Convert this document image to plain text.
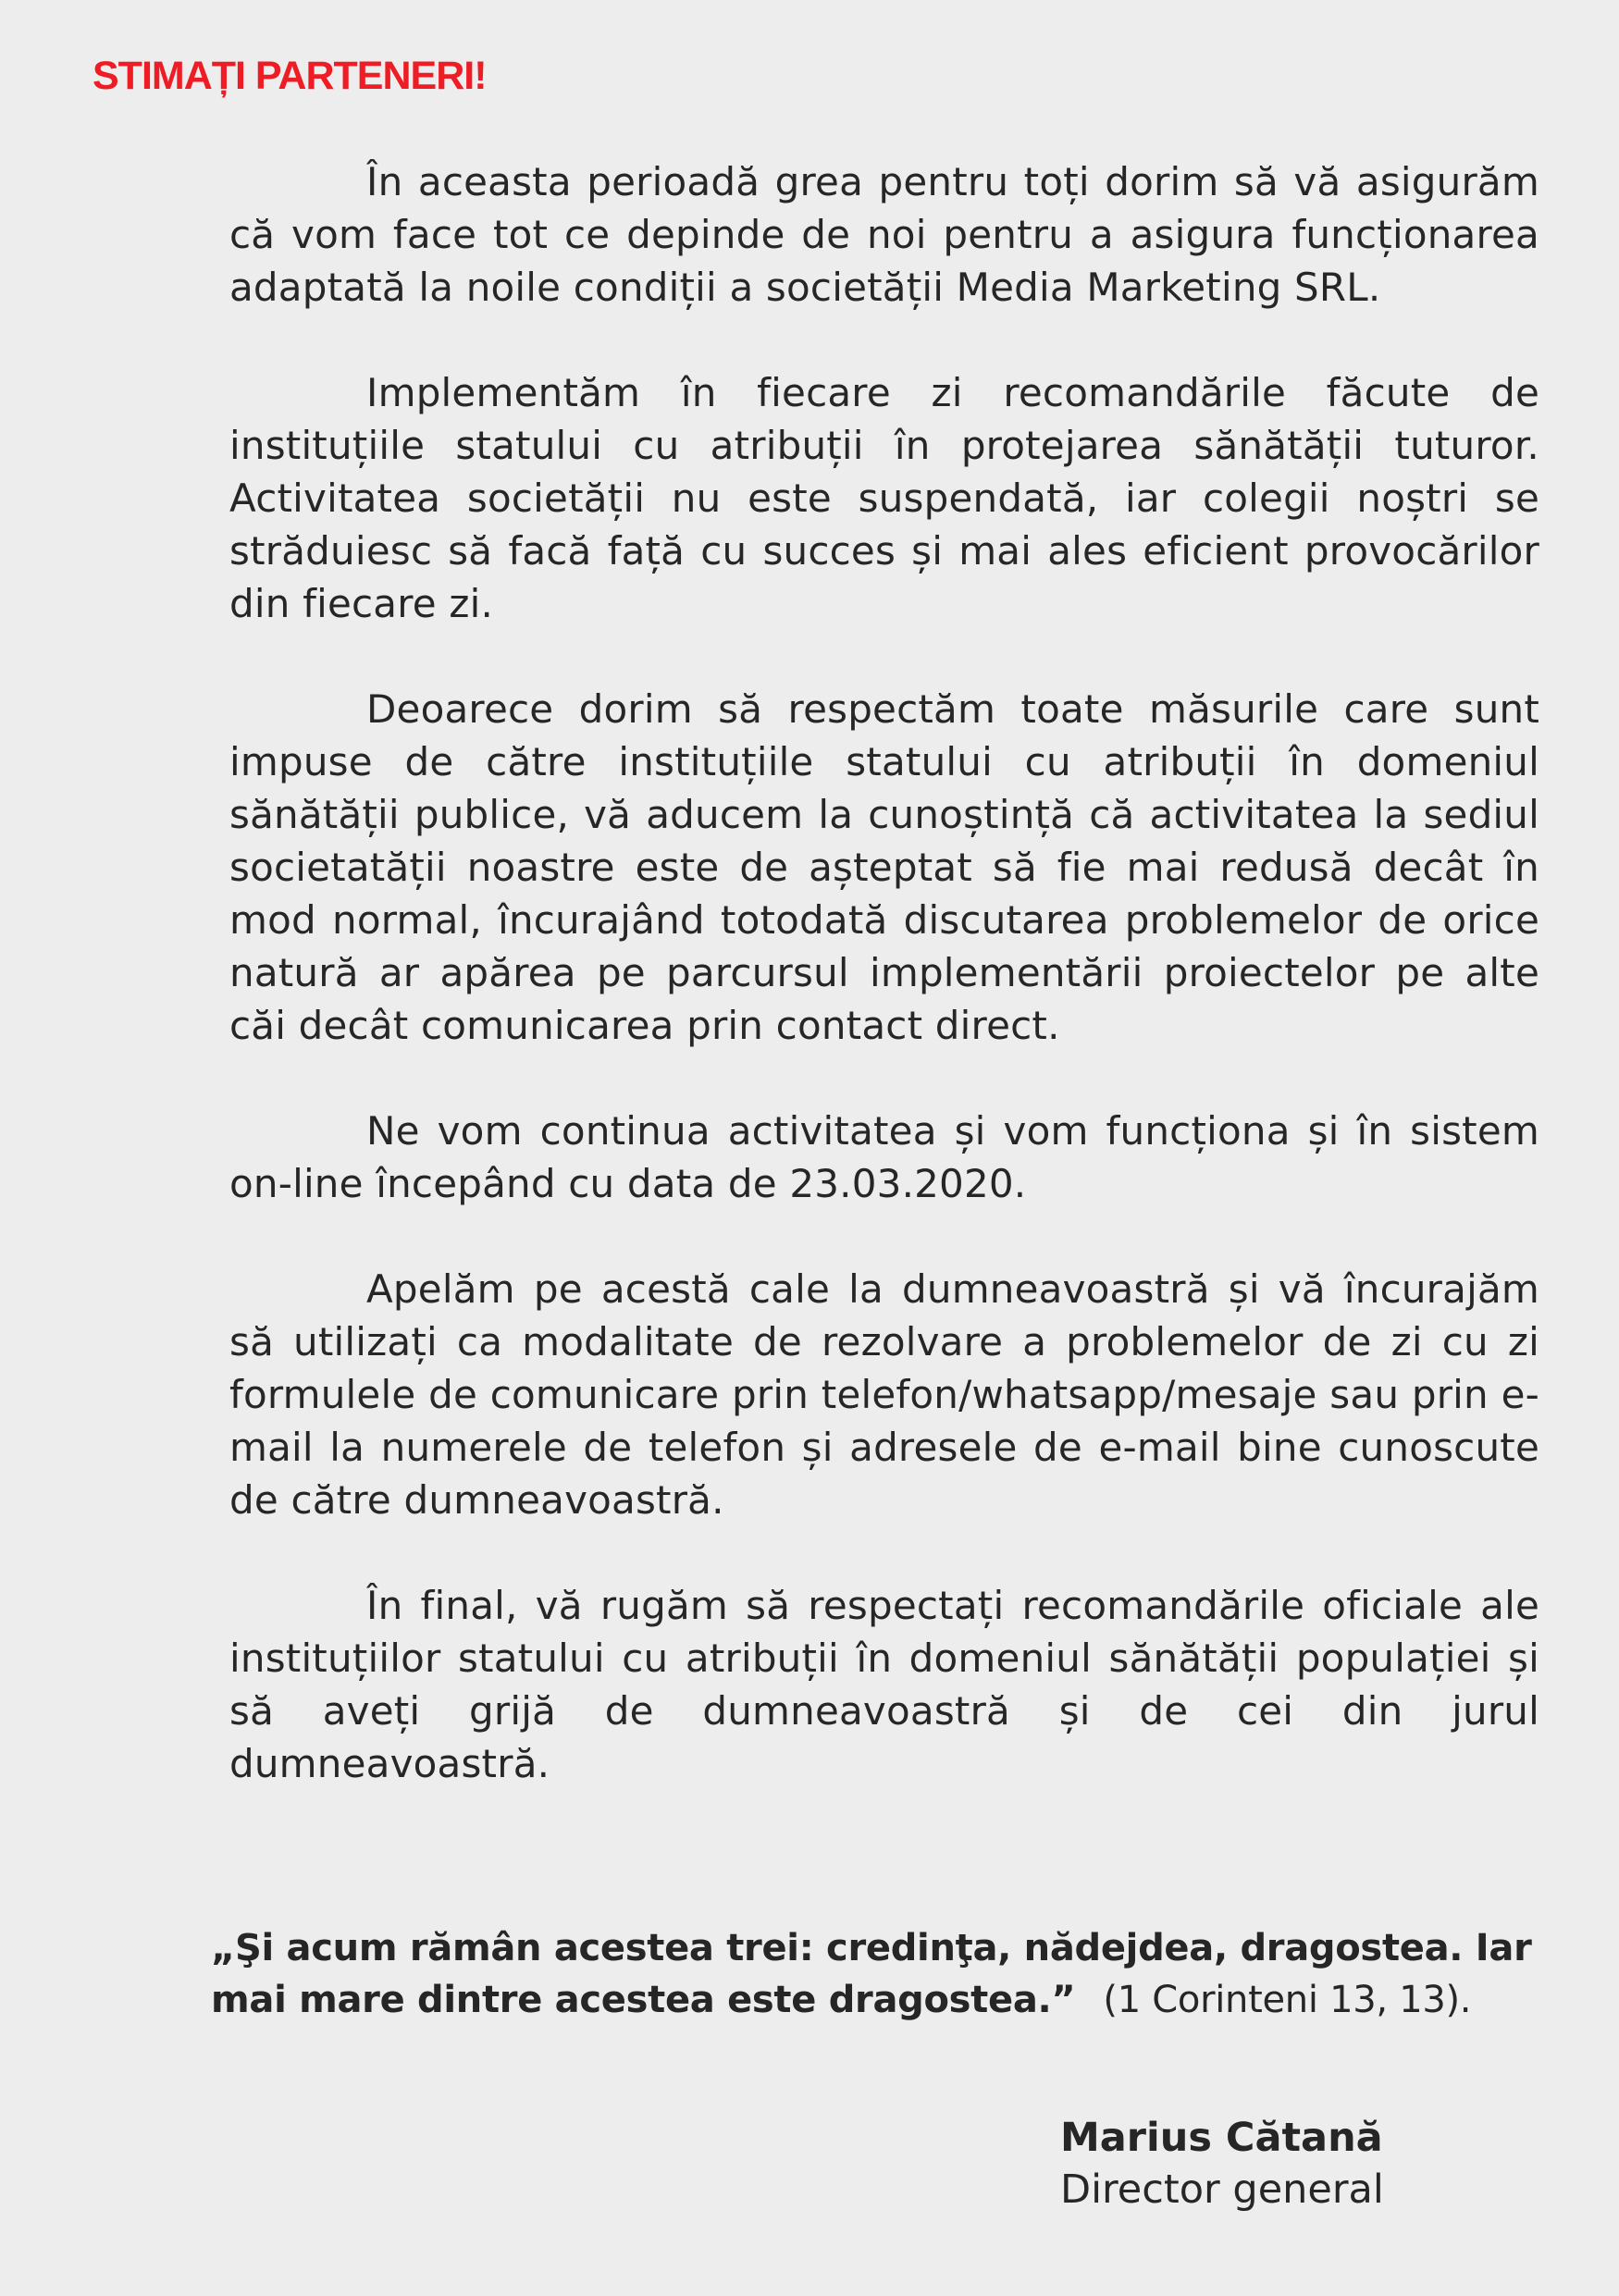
STIMAȚI PARTENERI!

În aceasta perioadă grea pentru toți dorim să vă asigurăm că vom face tot ce depinde de noi pentru a asigura funcționarea adaptată la noile condiții a societății Media Marketing SRL.

Implementăm în fiecare zi recomandările făcute de instituțiile statului cu atribuții în protejarea sănătății tuturor. Activitatea societății nu este suspendată, iar colegii noștri se străduiesc să facă față cu succes și mai ales eficient provocărilor din fiecare zi.

Deoarece dorim să respectăm toate măsurile care sunt impuse de către instituțiile statului cu atribuții în domeniul sănătății publice, vă aducem la cunoștință că activitatea la sediul societatății noastre este de așteptat să fie mai redusă decât în mod normal, încurajând totodată discutarea problemelor de orice natură ar apărea pe parcursul implementării proiectelor pe alte căi decât comunicarea prin contact direct.

Ne vom continua activitatea și vom funcționa și în sistem on-line începând cu data de 23.03.2020.

Apelăm pe acestă cale la dumneavoastră și vă încurajăm să utilizați ca modalitate de rezolvare a problemelor de zi cu zi formulele de comunicare prin telefon/whatsapp/mesaje sau prin e-mail la numerele de telefon și adresele de e-mail bine cunoscute de către dumneavoastră.

În final, vă rugăm să respectați recomandările oficiale ale instituțiilor statului cu atribuții în domeniul sănătății populației și să aveți grijă de dumneavoastră și de cei din jurul dumneavoastră.

„Şi acum rămân acestea trei: credinţa, nădejdea, dragostea. Iar mai mare dintre acestea este dragostea.” (1 Corinteni 13, 13).

Marius Cătană

Director general
